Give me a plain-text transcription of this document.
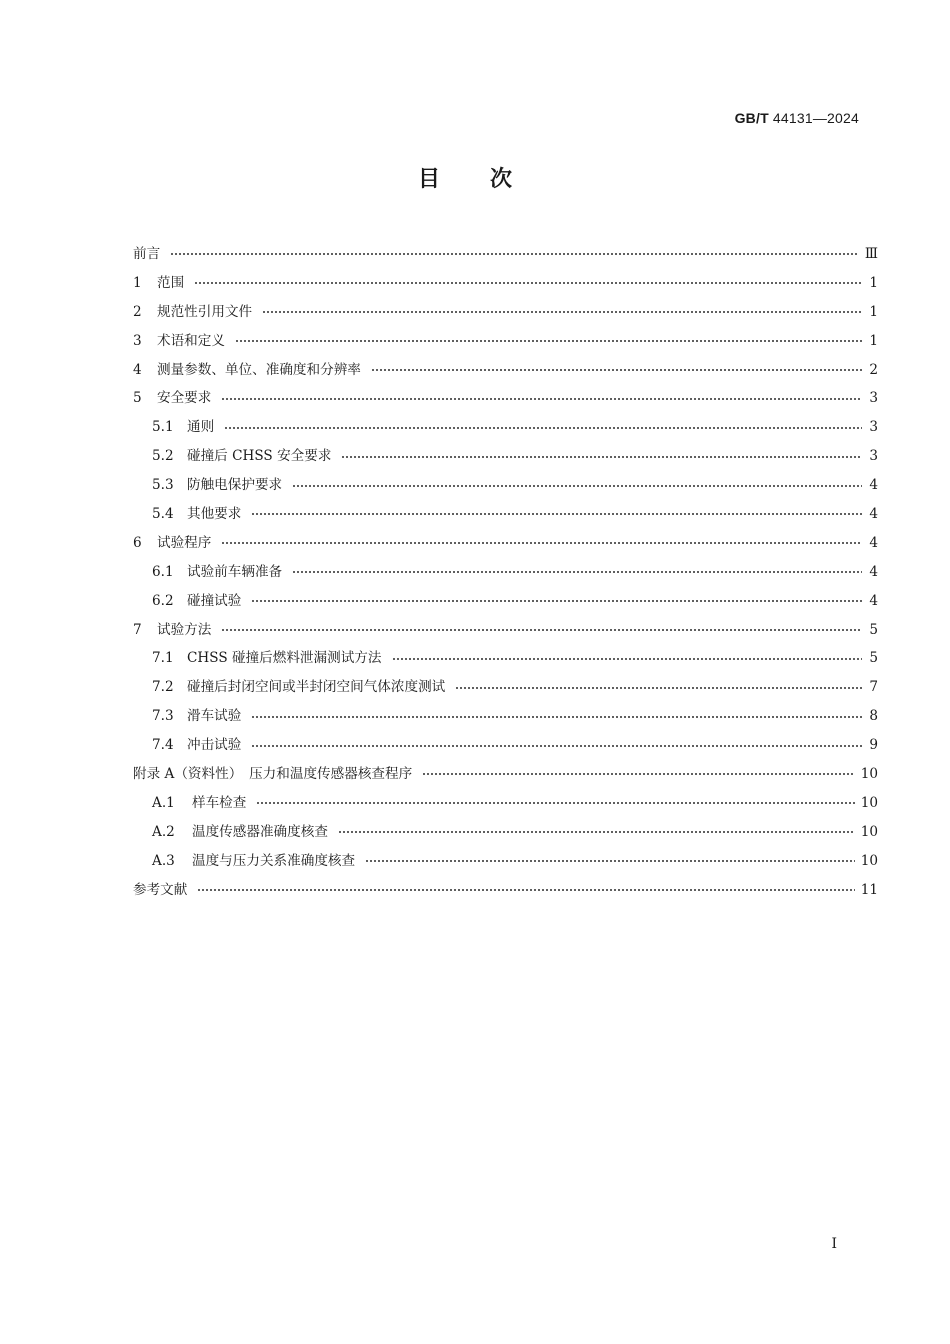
GB/T 44131—2024
目次
前言	Ⅲ
1	范围	1
2	规范性引用文件	1
3	术语和定义	1
4	测量参数、单位、准确度和分辨率	2
5	安全要求	3
5.1 通则	3
5.2 碰撞后 CHSS 安全要求	3
5.3 防触电保护要求	4
5.4 其他要求	4
6	试验程序	4
6.1 试验前车辆准备	4
6.2 碰撞试验	4
7	试验方法	5
7.1 CHSS 碰撞后燃料泄漏测试方法	5
7.2 碰撞后封闭空间或半封闭空间气体浓度测试	7
7.3 滑车试验	8
7.4 冲击试验	9
附录 A（资料性）　压力和温度传感器核查程序	10
A.1	样车检查	10
A.2	温度传感器准确度核查	10
A.3	温度与压力关系准确度核查	10
参考文献	11
Ⅰ
